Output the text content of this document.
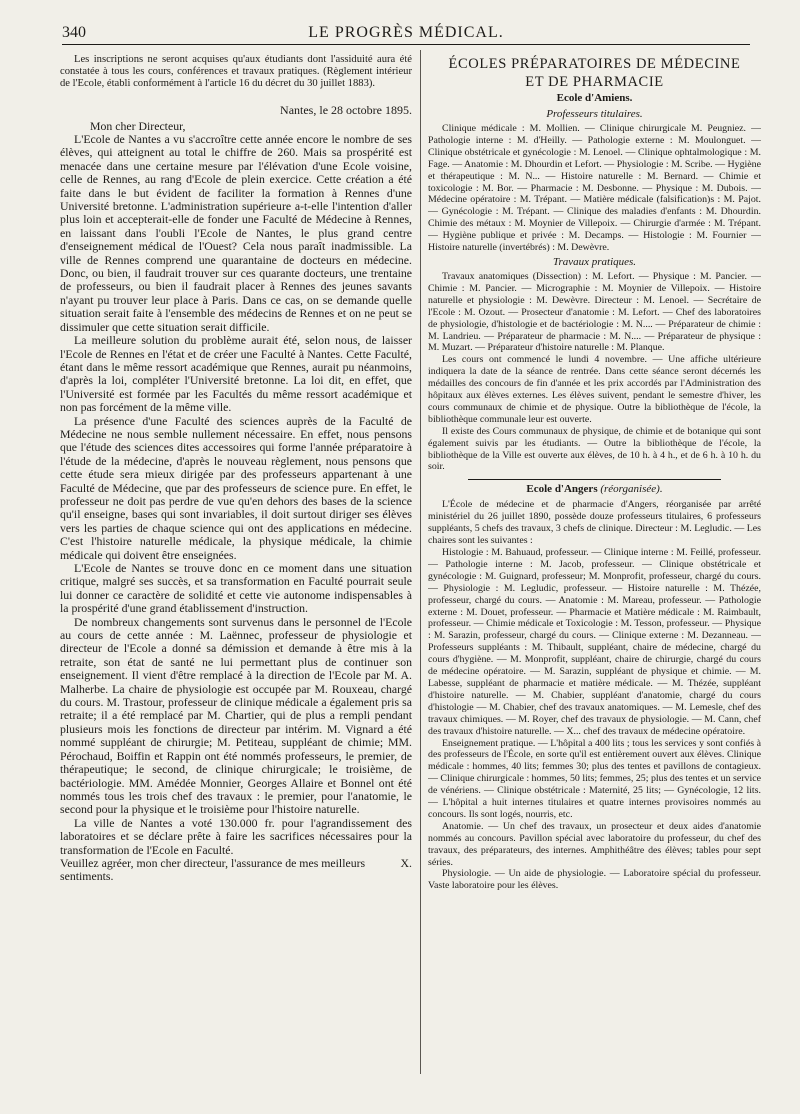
340	LE PROGRÈS MÉDICAL.

Les inscriptions ne seront acquises qu'aux étudiants dont l'assiduité aura été constatée à tous les cours, conférences et travaux pratiques. (Règlement intérieur de l'Ecole, établi conformément à l'article 16 du décret du 30 juillet 1883).

Nantes, le 28 octobre 1895.

Mon cher Directeur,

L'Ecole de Nantes a vu s'accroître cette année encore le nombre de ses élèves, qui atteignent au total le chiffre de 260. Mais sa prospérité est menacée dans une certaine mesure par l'élévation d'une Ecole voisine, celle de Rennes, au rang d'Ecole de plein exercice. Cette création a été faite dans le but évident de faciliter la formation à Rennes d'une Université bretonne. L'administration supérieure a-t-elle l'intention d'aller plus loin et accepterait-elle de fonder une Faculté de Médecine à Rennes, en laissant dans l'oubli l'Ecole de Nantes, le plus grand centre d'enseignement médical de l'Ouest? Cela nous paraît inadmissible. La ville de Rennes comprend une quarantaine de docteurs en médecine. Donc, ou bien, il faudrait trouver sur ces quarante docteurs, une trentaine de professeurs, ou bien il faudrait placer à Rennes des jeunes savants n'ayant pu trouver leur place à Paris. Dans ce cas, on se demande quelle situation serait faite à l'ensemble des médecins de Rennes et on ne peut se dissimuler que cette situation serait difficile.

La meilleure solution du problème aurait été, selon nous, de laisser l'Ecole de Rennes en l'état et de créer une Faculté à Nantes. Cette Faculté, étant dans le même ressort académique que Rennes, aurait pu néanmoins, d'après la loi, compléter l'Université bretonne. La loi dit, en effet, que l'Université est formée par les Facultés du même ressort académique et non pas forcément de la même ville.

La présence d'une Faculté des sciences auprès de la Faculté de Médecine ne nous semble nullement nécessaire. En effet, nous pensons que l'étude des sciences dites accessoires qui forme l'année préparatoire à l'étude de la médecine, d'après le nouveau règlement, nous pensons que cette étude sera mieux dirigée par des professeurs appartenant à une Faculté de Médecine, que par des professeurs de science pure. En effet, le professeur ne doit pas perdre de vue qu'en dehors des bases de la science qu'il enseigne, bases qui sont invariables, il doit surtout diriger ses élèves vers les parties de chaque science qui ont des applications en médecine. C'est l'histoire naturelle médicale, la physique médicale, la chimie médicale qui doivent être enseignées.

L'Ecole de Nantes se trouve donc en ce moment dans une situation critique, malgré ses succès, et sa transformation en Faculté pourrait seule lui donner ce caractère de solidité et cette vie autonome indispensables à la prospérité d'une grand établissement d'instruction.

De nombreux changements sont survenus dans le personnel de l'Ecole au cours de cette année : M. Laënnec, professeur de physiologie et directeur de l'Ecole a donné sa démission et demande à être mis à la retraite, son état de santé ne lui permettant plus de continuer son enseignement. Il vient d'être remplacé à la direction de l'Ecole par M. A. Malherbe. La chaire de physiologie est occupée par M. Rouxeau, chargé du cours. M. Trastour, professeur de clinique médicale a également pris sa retraite; il a été remplacé par M. Chartier, qui de plus a rempli pendant plusieurs mois les fonctions de directeur par intérim. M. Vignard a été nommé suppléant de chirurgie; M. Petiteau, suppléant de chimie; MM. Pérochaud, Boiffin et Rappin ont été nommés professeurs, le premier, de thérapeutique; le second, de clinique chirurgicale; le troisième, de bactériologie. MM. Amédée Monnier, Georges Allaire et Bonnel ont été nommés tous les trois chef des travaux : le premier, pour l'anatomie, le second pour la physique et le troisième pour l'histoire naturelle.

La ville de Nantes a voté 130.000 fr. pour l'agrandissement des laboratoires et se déclare prête à faire les sacrifices nécessaires pour la transformation de l'Ecole en Faculté.

Veuillez agréer, mon cher directeur, l'assurance de mes meilleurs sentiments.
X.
ÉCOLES PRÉPARATOIRES DE MÉDECINE
ET DE PHARMACIE
Ecole d'Amiens.
Professeurs titulaires.

Clinique médicale : M. Mollien. — Clinique chirurgicale M. Peugniez. — Pathologie interne : M. d'Heilly. — Pathologie externe : M. Moulonguet. — Clinique obstétricale et gynécologie : M. Lenoel. — Clinique ophtalmologique : M. Fage. — Anatomie : M. Dhourdin et Lefort. — Physiologie : M. Scribe. — Hygiène et thérapeutique : M. N... — Histoire naturelle : M. Bernard. — Chimie et toxicologie : M. Bor. — Pharmacie : M. Desbonne. — Physique : M. Dubois. — Médecine opératoire : M. Trépant. — Matière médicale (falsification)s : M. Pajot. — Gynécologie : M. Trépant. — Clinique des maladies d'enfants : M. Dhourdin. Chimie des métaux : M. Moynier de Villepoix. — Chirurgie d'armée : M. Trépant. — Hygiène publique et privée : M. Decamps. — Histologie : M. Fournier — Histoire naturelle (invertébrés) : M. Dewèvre.

Travaux pratiques.

Travaux anatomiques (Dissection) : M. Lefort. — Physique : M. Pancier. — Chimie : M. Pancier. — Micrographie : M. Moynier de Villepoix. — Histoire naturelle et physiologie : M. Dewèvre. Directeur : M. Lenoel. — Secrétaire de l'Ecole : M. Ozout. — Prosecteur d'anatomie : M. Lefort. — Chef des laboratoires de physiologie, d'histologie et de bactériologie : M. N.... — Préparateur de chimie : M. Landrieu. — Préparateur de pharmacie : M. N.... — Préparateur de physique : M. Muzart. — Préparateur d'histoire naturelle : M. Planque.

Les cours ont commencé le lundi 4 novembre. — Une affiche ultérieure indiquera la date de la séance de rentrée. Dans cette séance seront décernés les médailles des concours de fin d'année et les prix accordés par l'Administration des hôpitaux aux élèves externes. Les élèves suivent, pendant le semestre d'hiver, les cours communaux de chimie et de physique. Outre la bibliothèque de l'école, la bibliothèque communale leur est ouverte.

Il existe des Cours communaux de physique, de chimie et de botanique qui sont également suivis par les étudiants. — Outre la bibliothèque de l'école, la bibliothèque de la Ville est ouverte aux élèves, de 10 h. à 4 h., et de 6 h. à 10 h. du soir.

Ecole d'Angers (réorganisée).

L'École de médecine et de pharmacie d'Angers, réorganisée par arrêté ministériel du 26 juillet 1890, possède douze professeurs titulaires, 6 professeurs suppléants, 5 chefs des travaux, 3 chefs de clinique. Directeur : M. Legludic. — Les chaires sont les suivantes :

Histologie : M. Bahuaud, professeur. — Clinique interne : M. Feillé, professeur. — Pathologie interne : M. Jacob, professeur. — Clinique obstétricale et gynécologie : M. Guignard, professeur; M. Monprofit, professeur, chargé du cours. — Physiologie : M. Legludic, professeur. — Histoire naturelle : M. Thézée, professeur, chargé du cours. — Anatomie : M. Mareau, professeur. — Pathologie externe : M. Douet, professeur. — Pharmacie et Matière médicale : M. Raimbault, professeur. — Chimie médicale et Toxicologie : M. Tesson, professeur. — Physique : M. Sarazin, professeur, chargé du cours. — Clinique externe : M. Dezanneau. — Professeurs suppléants : M. Thibault, suppléant, chaire de médecine, chargé du cours d'hygiène. — M. Monprofit, suppléant, chaire de chirurgie, chargé du cours de médecine opératoire. — M. Sarazin, suppléant de physique et chimie. — M. Labesse, suppléant de pharmacie et matière médicale. — M. Thézée, suppléant d'histoire naturelle. — M. Chabier, suppléant d'anatomie, chargé du cours d'histologie — M. Chabier, chef des travaux anatomiques. — M. Lemesle, chef des travaux chimiques. — M. Royer, chef des travaux de physiologie. — M. Cann, chef des travaux d'histoire naturelle. — X... chef des travaux de médecine opératoire.

Enseignement pratique. — L'hôpital a 400 lits ; tous les services y sont confiés à des professeurs de l'École, en sorte qu'il est entièrement ouvert aux élèves. Clinique médicale : hommes, 40 lits; femmes 30; plus des tentes et pavillons de contagieux. — Clinique chirurgicale : hommes, 50 lits; femmes, 25; plus des tentes et un service de vénériens. — Clinique obstétricale : Maternité, 25 lits; — Gynécologie, 12 lits. — L'hôpital a huit internes titulaires et quatre internes provisoires nommés au concours. Ils sont logés, nourris, etc.

Anatomie. — Un chef des travaux, un prosecteur et deux aides d'anatomie nommés au concours. Pavillon spécial avec laboratoire du professeur, du chef des travaux, des préparateurs, des internes. Amphithéâtre des élèves; tables pour sept séries.

Physiologie. — Un aide de physiologie. — Laboratoire spécial du professeur. Vaste laboratoire pour les élèves.
